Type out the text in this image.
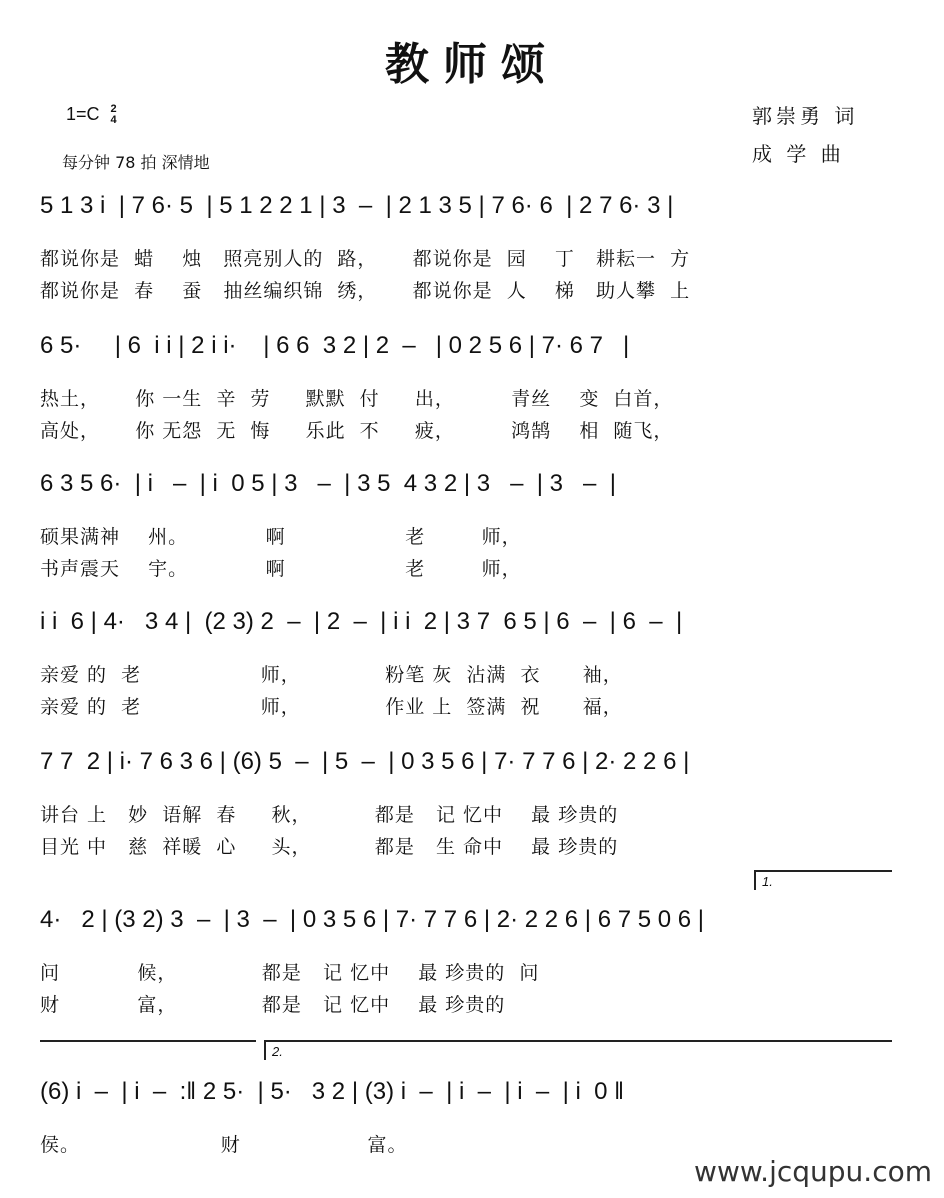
教师颂
1=C 2
4
每分钟 78 拍 深情地
郭崇勇 词
成 学 曲
5 1 3 i  | 7 6· 5  | 5 1 2 2 1 | 3  –  | 2 1 3 5 | 7 6· 6  | 2 7 6· 3 |
都说你是  蜡    烛   照亮别人的  路，     都说你是  园    丁   耕耘一  方
都说你是  春    蚕   抽丝编织锦  绣，     都说你是  人    梯   助人攀  上
6 5·     | 6  i i | 2 i i·    | 6 6  3 2 | 2  –   | 0 2 5 6 | 7· 6 7   |
热土，     你 一生  辛  劳     默默  付     出，        青丝    变  白首，
高处，     你 无怨  无  悔     乐此  不     疲，        鸿鹄    相  随飞，
6 3 5 6·  | i   –  | i  0 5 | 3   –  | 3 5  4 3 2 | 3   –  | 3   –  |
硕果满神    州。           啊                 老        师，
书声震天    宇。           啊                 老        师，
i i  6 | 4·   3 4 |  (2 3) 2  –  | 2  –  | i i  2 | 3 7  6 5 | 6  –  | 6  –  |
亲爱 的  老                 师，            粉笔 灰  沾满  衣      袖，
亲爱 的  老                 师，            作业 上  签满  祝      福，
7 7  2 | i· 7 6 3 6 | (6) 5  –  | 5  –  | 0 3 5 6 | 7· 7 7 6 | 2· 2 2 6 |
讲台 上   妙  语解  春     秋，         都是   记 忆中    最 珍贵的
目光 中   慈  祥暖  心     头，         都是   生 命中    最 珍贵的
1.
4·   2 | (3 2) 3  –  | 3  –  | 0 3 5 6 | 7· 7 7 6 | 2· 2 2 6 | 6 7 5 0 6 |
问           候，            都是   记 忆中    最 珍贵的  问
财           富，            都是   记 忆中    最 珍贵的
2.
(6) i  –  | i  –  :‖ 2 5·  | 5·   3 2 | (3) i  –  | i  –  | i  –  | i  0 ‖
侯。                    财                  富。
www.jcqupu.com
